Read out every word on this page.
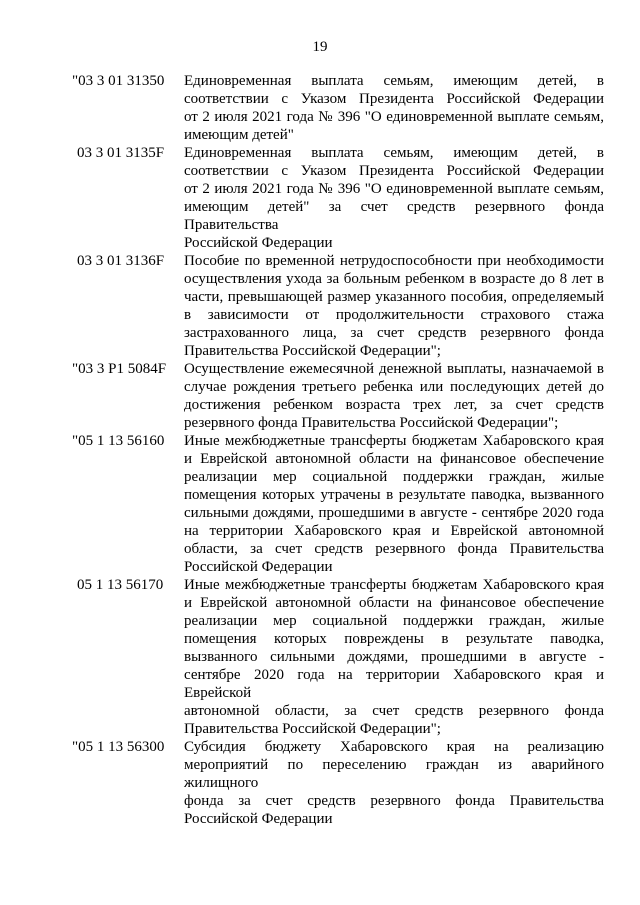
19
"03 3 01 31350	Единовременная выплата семьям, имеющим детей, в
соответствии с Указом Президента Российской Федерации
от 2 июля 2021 года № 396 "О единовременной выплате семьям,
имеющим детей"
03 3 01 3135F	Единовременная выплата семьям, имеющим детей, в
соответствии с Указом Президента Российской Федерации
от 2 июля 2021 года № 396 "О единовременной выплате семьям,
имеющим детей" за счет средств резервного фонда Правительства
Российской Федерации
03 3 01 3136F	Пособие по временной нетрудоспособности при необходимости
осуществления ухода за больным ребенком в возрасте до 8 лет в
части, превышающей размер указанного пособия, определяемый
в зависимости от продолжительности страхового стажа
застрахованного лица, за счет средств резервного фонда
Правительства Российской Федерации";
"03 3 P1 5084F	Осуществление ежемесячной денежной выплаты, назначаемой в
случае рождения третьего ребенка или последующих детей до
достижения ребенком возраста трех лет, за счет средств
резервного фонда Правительства Российской Федерации";
"05 1 13 56160	Иные межбюджетные трансферты бюджетам Хабаровского края
и Еврейской автономной области на финансовое обеспечение
реализации мер социальной поддержки граждан, жилые
помещения которых утрачены в результате паводка, вызванного
сильными дождями, прошедшими в августе - сентябре 2020 года
на территории Хабаровского края и Еврейской автономной
области, за счет средств резервного фонда Правительства
Российской Федерации
05 1 13 56170	Иные межбюджетные трансферты бюджетам Хабаровского края
и Еврейской автономной области на финансовое обеспечение
реализации мер социальной поддержки граждан, жилые
помещения которых повреждены в результате паводка,
вызванного сильными дождями, прошедшими в августе -
сентябре 2020 года на территории Хабаровского края и Еврейской
автономной области, за счет средств резервного фонда
Правительства Российской Федерации";
"05 1 13 56300	Субсидия бюджету Хабаровского края на реализацию
мероприятий по переселению граждан из аварийного жилищного
фонда за счет средств резервного фонда Правительства
Российской Федерации
